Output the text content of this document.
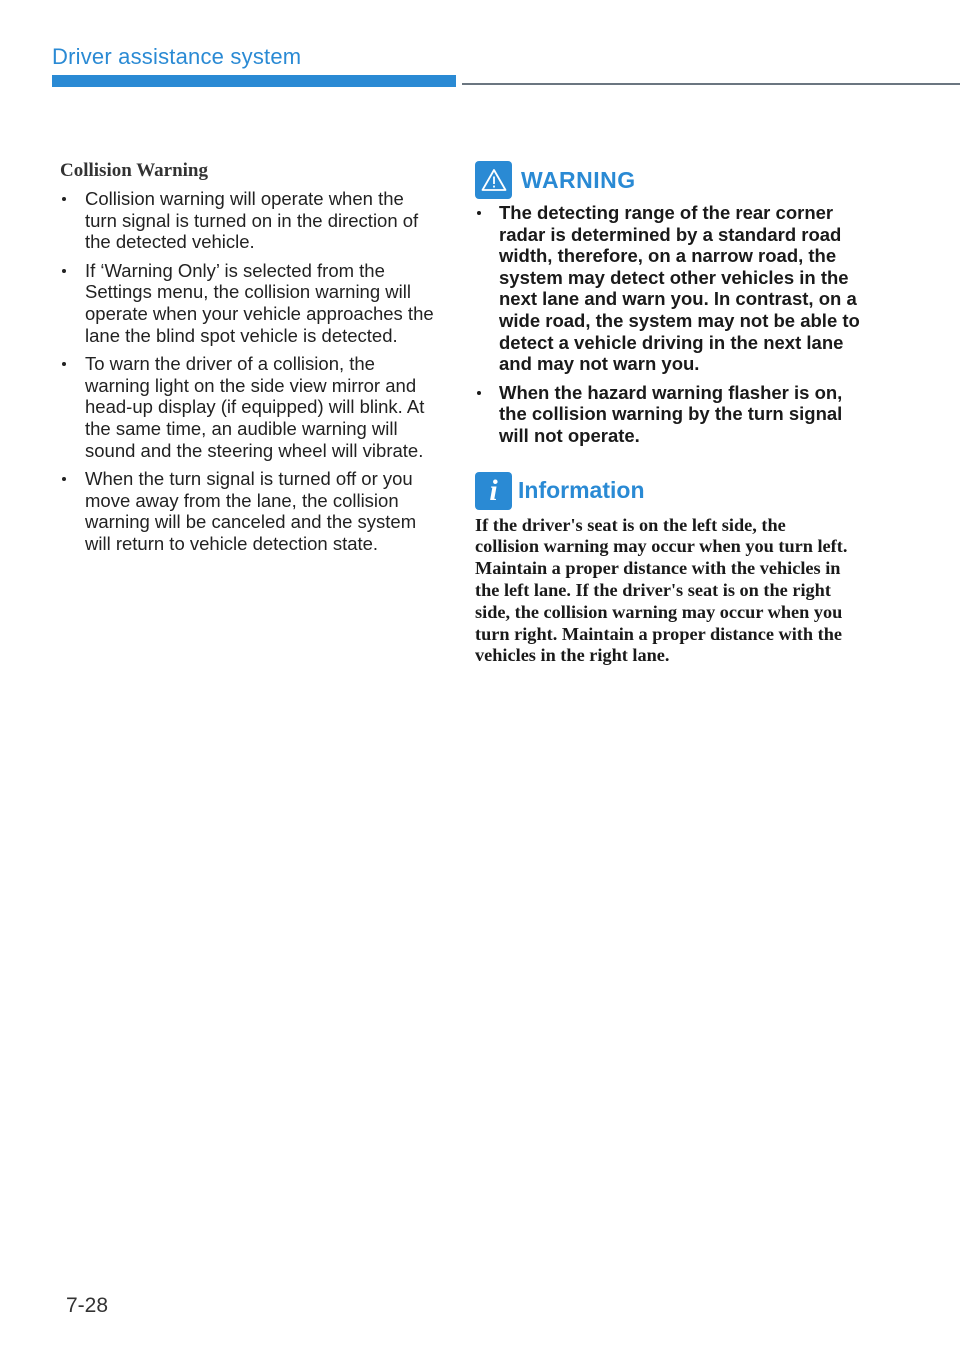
Driver assistance system
Collision Warning
Collision warning will operate when the turn signal is turned on in the direction of the detected vehicle.
If ‘Warning Only’ is selected from the Settings menu, the collision warning will operate when your vehicle approaches the lane the blind spot vehicle is detected.
To warn the driver of a collision, the warning light on the side view mirror and head-up display (if equipped) will blink. At the same time, an audible warning will sound and the steering wheel will vibrate.
When the turn signal is turned off or you move away from the lane, the collision warning will be canceled and the system will return to vehicle detection state.
WARNING
The detecting range of the rear corner radar is determined by a standard road width, therefore, on a narrow road, the system may detect other vehicles in the next lane and warn you. In contrast, on a wide road, the system may not be able to detect a vehicle driving in the next lane and may not warn you.
When the hazard warning flasher is on, the collision warning by the turn signal will not operate.
i Information
If the driver's seat is on the left side, the collision warning may occur when you turn left. Maintain a proper distance with the vehicles in the left lane. If the driver's seat is on the right side, the collision warning may occur when you turn right. Maintain a proper distance with the vehicles in the right lane.
7-28
